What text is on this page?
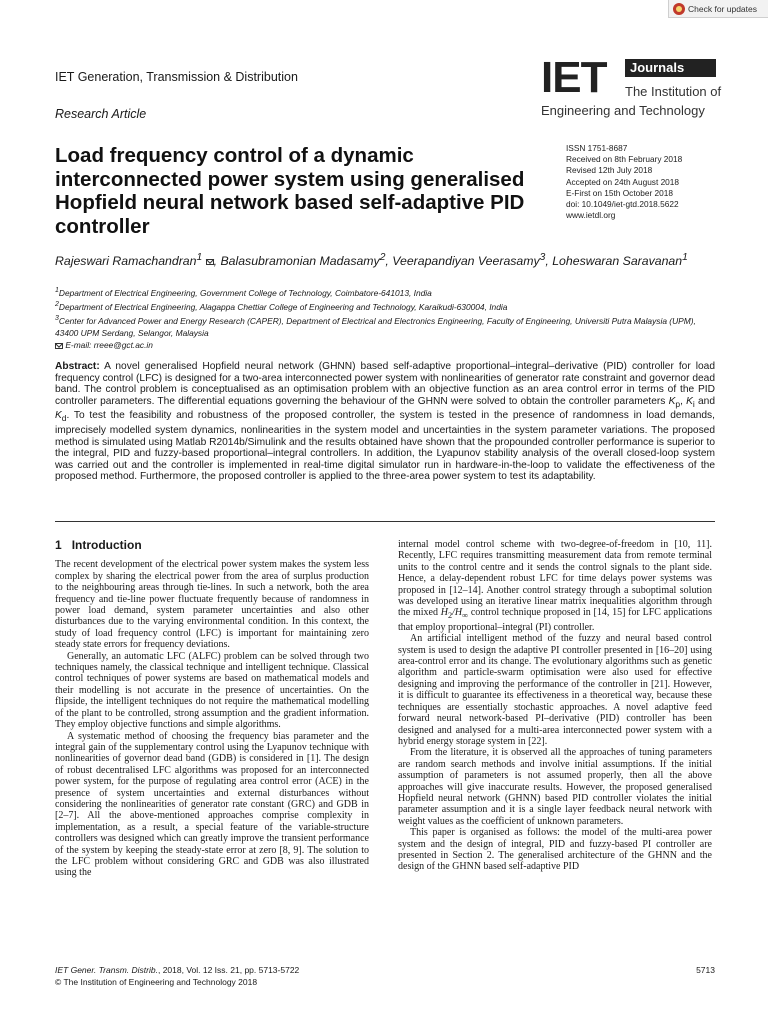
Check for updates
IET Generation, Transmission & Distribution
Research Article
IET	Journals
The Institution of
Engineering and Technology
Load frequency control of a dynamic interconnected power system using generalised Hopfield neural network based self-adaptive PID controller
ISSN 1751-8687
Received on 8th February 2018
Revised 12th July 2018
Accepted on 24th August 2018
E-First on 15th October 2018
doi: 10.1049/iet-gtd.2018.5622
www.ietdl.org
Rajeswari Ramachandran$^1$ , Balasubramonian Madasamy$^2$, Veerapandiyan Veerasamy$^3$, Loheswaran Saravanan$^1$
$^1$Department of Electrical Engineering, Government College of Technology, Coimbatore-641013, India
$^2$Department of Electrical Engineering, Alagappa Chettiar College of Engineering and Technology, Karaikudi-630004, India
$^3$Center for Advanced Power and Energy Research (CAPER), Department of Electrical and Electronics Engineering, Faculty of Engineering, Universiti Putra Malaysia (UPM), 43400 UPM Serdang, Selangor, Malaysia
E-mail: rreee@gct.ac.in
Abstract: A novel generalised Hopfield neural network (GHNN) based self-adaptive proportional–integral–derivative (PID) controller for load frequency control (LFC) is designed for a two-area interconnected power system with nonlinearities of generator rate constraint and governor dead band. The control problem is conceptualised as an optimisation problem with an objective function as an area control error in terms of the PID controller parameters. The differential equations governing the behaviour of the GHNN were solved to obtain the controller parameters $K_p$, $K_i$ and $K_d$. To test the feasibility and robustness of the proposed controller, the system is tested in the presence of randomness in load demands, imprecisely modelled system dynamics, nonlinearities in the system model and uncertainties in the system parameter variations. The proposed method is simulated using Matlab R2014b/Simulink and the results obtained have shown that the propounded controller performance is superior to the integral, PID and fuzzy-based proportional–integral controllers. In addition, the Lyapunov stability analysis of the overall closed-loop system was carried out and the controller is implemented in real-time digital simulator run in hardware-in-the-loop to validate the effectiveness of the proposed method. Furthermore, the proposed controller is applied to the three-area power system to test its adaptability.
1 Introduction

The recent development of the electrical power system makes the system less complex by sharing the electrical power from the area of surplus production to the neighbouring areas through tie-lines. In such a network, both the area frequency and tie-line power fluctuate frequently because of randomness in power load demand, system parameter uncertainties and also other disturbances due to the varying environmental condition. In this context, the study of load frequency control (LFC) is important for maintaining zero steady state errors for frequency deviations.

Generally, an automatic LFC (ALFC) problem can be solved through two techniques namely, the classical technique and intelligent technique. Classical control techniques of power systems are based on mathematical models and their modelling is not accurate in the presence of uncertainties. On the flipside, the intelligent techniques do not require the mathematical modelling of the plant to be controlled, strong assumption and the gradient information. They employ objective functions and simple algorithms.

A systematic method of choosing the frequency bias parameter and the integral gain of the supplementary control using the Lyapunov technique with nonlinearities of governor dead band (GDB) is considered in [1]. The design of robust decentralised LFC algorithms was proposed for an interconnected power system, for the purpose of regulating area control error (ACE) in the presence of system uncertainties and external disturbances without considering the nonlinearities of generator rate constant (GRC) and GDB in [2–7]. All the above-mentioned approaches comprise complexity in implementation, as a result, a special feature of the variable-structure controllers was designed which can greatly improve the transient performance of the system by keeping the steady-state error at zero [8, 9]. The solution to the LFC problem without considering GRC and GDB was also illustrated using the

internal model control scheme with two-degree-of-freedom in [10, 11]. Recently, LFC requires transmitting measurement data from remote terminal units to the control centre and it sends the control signals to the plant side. Hence, a delay-dependent robust LFC for time delays power systems was proposed in [12–14]. Another control strategy through a suboptimal solution was developed using an iterative linear matrix inequalities algorithm through the mixed $H_2/H_\infty$ control technique proposed in [14, 15] for LFC applications that employ proportional–integral (PI) controller.

An artificial intelligent method of the fuzzy and neural based control system is used to design the adaptive PI controller presented in [16–20] using area-control error and its change. The evolutionary algorithms such as genetic algorithm and particle-swarm optimisation were also used for effective designing and improving the performance of the controller in [21]. However, it is difficult to guarantee its effectiveness in a theoretical way, because these techniques are essentially stochastic approaches. A novel adaptive feed forward neural network-based PI–derivative (PID) controller has been designed and analysed for a multi-area interconnected power system with a hybrid energy storage system in [22].

From the literature, it is observed all the approaches of tuning parameters are random search methods and involve initial assumptions. If the initial assumption of parameters is not assumed properly, then all the above approaches will give inaccurate results. However, the proposed generalised Hopfield neural network (GHNN) based PID controller violates the initial parameter assumption and it is a single layer feedback neural network with weight values as the coefficient of unknown parameters.

This paper is organised as follows: the model of the multi-area power system and the design of integral, PID and fuzzy-based PI controller are presented in Section 2. The generalised architecture of the GHNN and the design of the GHNN based self-adaptive PID

IET Gener. Transm. Distrib., 2018, Vol. 12 Iss. 21, pp. 5713-5722
© The Institution of Engineering and Technology 2018
5713
